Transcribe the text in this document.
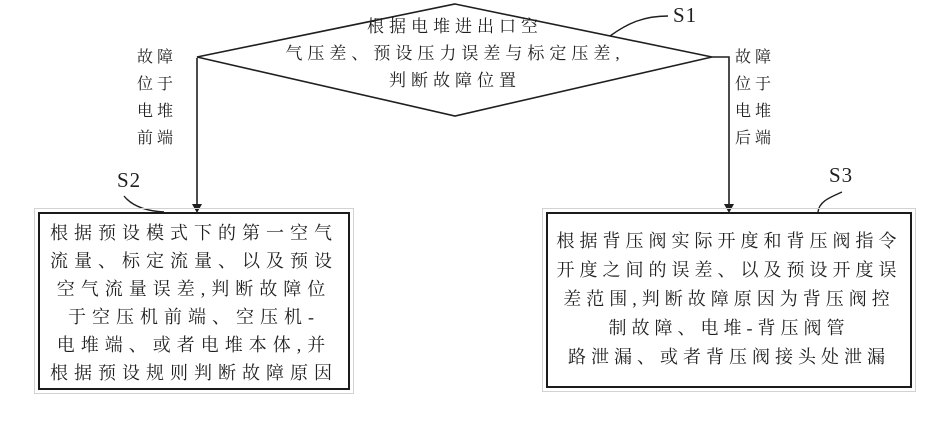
根据电堆进出口空
气压差、预设压力误差与标定压差,
判断故障位置
S1
S2	S3
故障
位于
电堆
前端
故障
位于
电堆
后端
根据预设模式下的第一空气
流量、标定流量、以及预设
空气流量误差,判断故障位
于空压机前端、空压机-
电堆端、或者电堆本体,并
根据预设规则判断故障原因
根据背压阀实际开度和背压阀指令
开度之间的误差、以及预设开度误
差范围,判断故障原因为背压阀控
制故障、电堆-背压阀管
路泄漏、或者背压阀接头处泄漏
